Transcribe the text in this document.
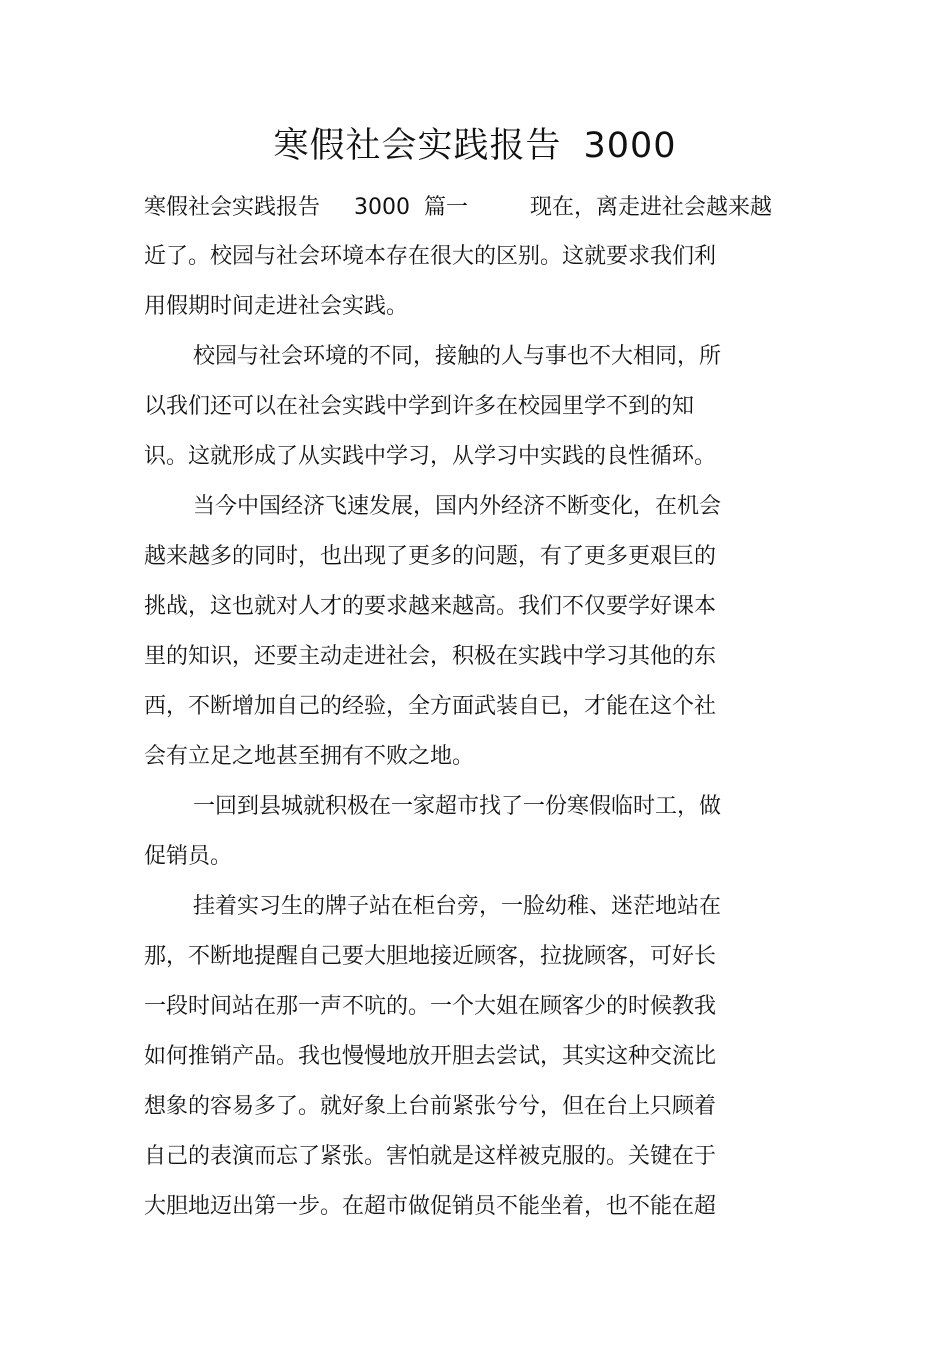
寒假社会实践报告 3000
寒假社会实践报告 3000 篇一	现在，离走进社会越来越
近了。校园与社会环境本存在很大的区别。这就要求我们利
用假期时间走进社会实践。
校园与社会环境的不同，接触的人与事也不大相同，所
以我们还可以在社会实践中学到许多在校园里学不到的知
识。这就形成了从实践中学习，从学习中实践的良性循环。
当今中国经济飞速发展，国内外经济不断变化，在机会
越来越多的同时，也出现了更多的问题，有了更多更艰巨的
挑战，这也就对人才的要求越来越高。我们不仅要学好课本
里的知识，还要主动走进社会，积极在实践中学习其他的东
西，不断增加自己的经验，全方面武装自已，才能在这个社
会有立足之地甚至拥有不败之地。
一回到县城就积极在一家超市找了一份寒假临时工，做
促销员。
挂着实习生的牌子站在柜台旁，一脸幼稚、迷茫地站在
那，不断地提醒自己要大胆地接近顾客，拉拢顾客，可好长
一段时间站在那一声不吭的。一个大姐在顾客少的时候教我
如何推销产品。我也慢慢地放开胆去尝试，其实这种交流比
想象的容易多了。就好象上台前紧张兮兮，但在台上只顾着
自己的表演而忘了紧张。害怕就是这样被克服的。关键在于
大胆地迈出第一步。在超市做促销员不能坐着，也不能在超
